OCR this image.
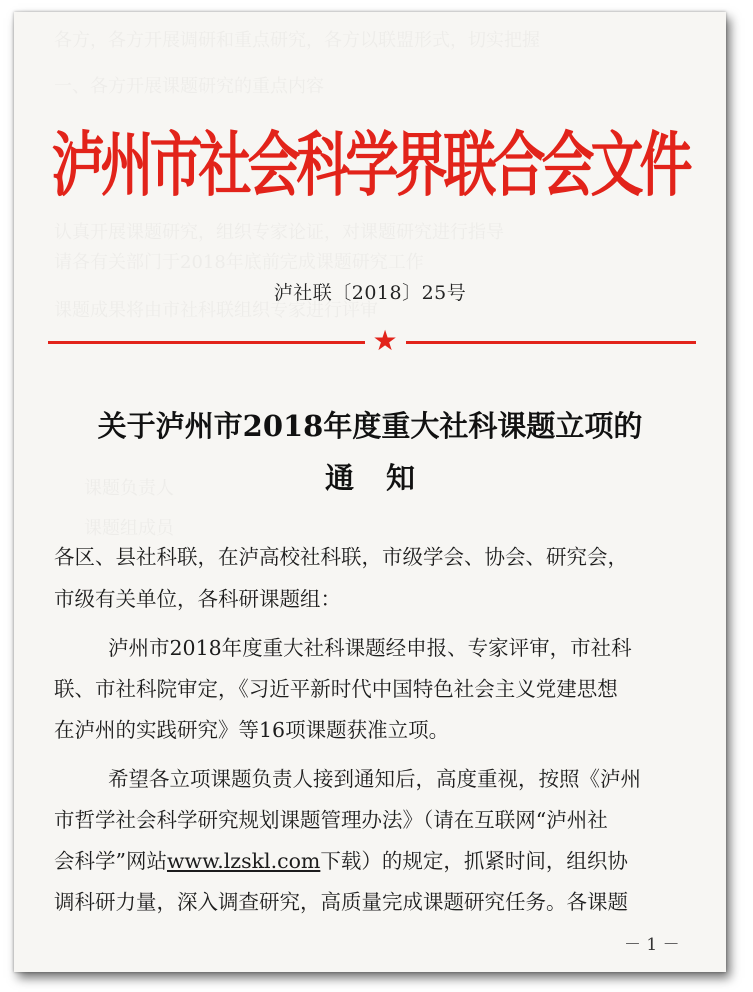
各方，各方开展调研和重点研究，各方以联盟形式，切实把握
一、各方开展课题研究的重点内容
认真开展课题研究，组织专家论证，对课题研究进行指导
请各有关部门于2018年底前完成课题研究工作
课题成果将由市社科联组织专家进行评审
课题负责人
课题组成员
泸州市社会科学界联合会文件
泸社联〔2018〕25号
★
关于泸州市2018年度重大社科课题立项的
通知
各区、县社科联，在泸高校社科联，市级学会、协会、研究会，
市级有关单位，各科研课题组：
泸州市2018年度重大社科课题经申报、专家评审，市社科
联、市社科院审定，《习近平新时代中国特色社会主义党建思想
在泸州的实践研究》等16项课题获准立项。
希望各立项课题负责人接到通知后，高度重视，按照《泸州
市哲学社会科学研究规划课题管理办法》（请在互联网“泸州社
会科学”网站www.lzskl.com下载）的规定，抓紧时间，组织协
调科研力量，深入调查研究，高质量完成课题研究任务。各课题
－ 1 －
